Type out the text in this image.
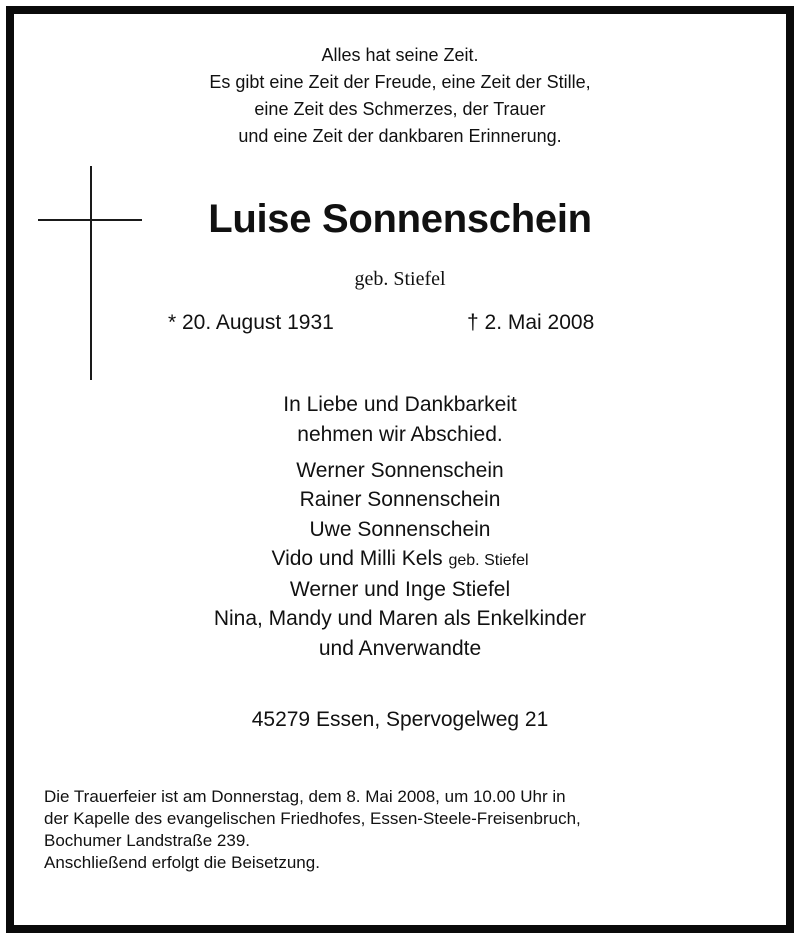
Alles hat seine Zeit.
Es gibt eine Zeit der Freude, eine Zeit der Stille,
eine Zeit des Schmerzes, der Trauer
und eine Zeit der dankbaren Erinnerung.
Luise Sonnenschein
geb. Stiefel
* 20. August 1931	† 2. Mai 2008
In Liebe und Dankbarkeit
nehmen wir Abschied.
Werner Sonnenschein
Rainer Sonnenschein
Uwe Sonnenschein
Vido und Milli Kels geb. Stiefel
Werner und Inge Stiefel
Nina, Mandy und Maren als Enkelkinder
und Anverwandte
45279 Essen, Spervogelweg 21
Die Trauerfeier ist am Donnerstag, dem 8. Mai 2008, um 10.00 Uhr in
der Kapelle des evangelischen Friedhofes, Essen-Steele-Freisenbruch,
Bochumer Landstraße 239.
Anschließend erfolgt die Beisetzung.
